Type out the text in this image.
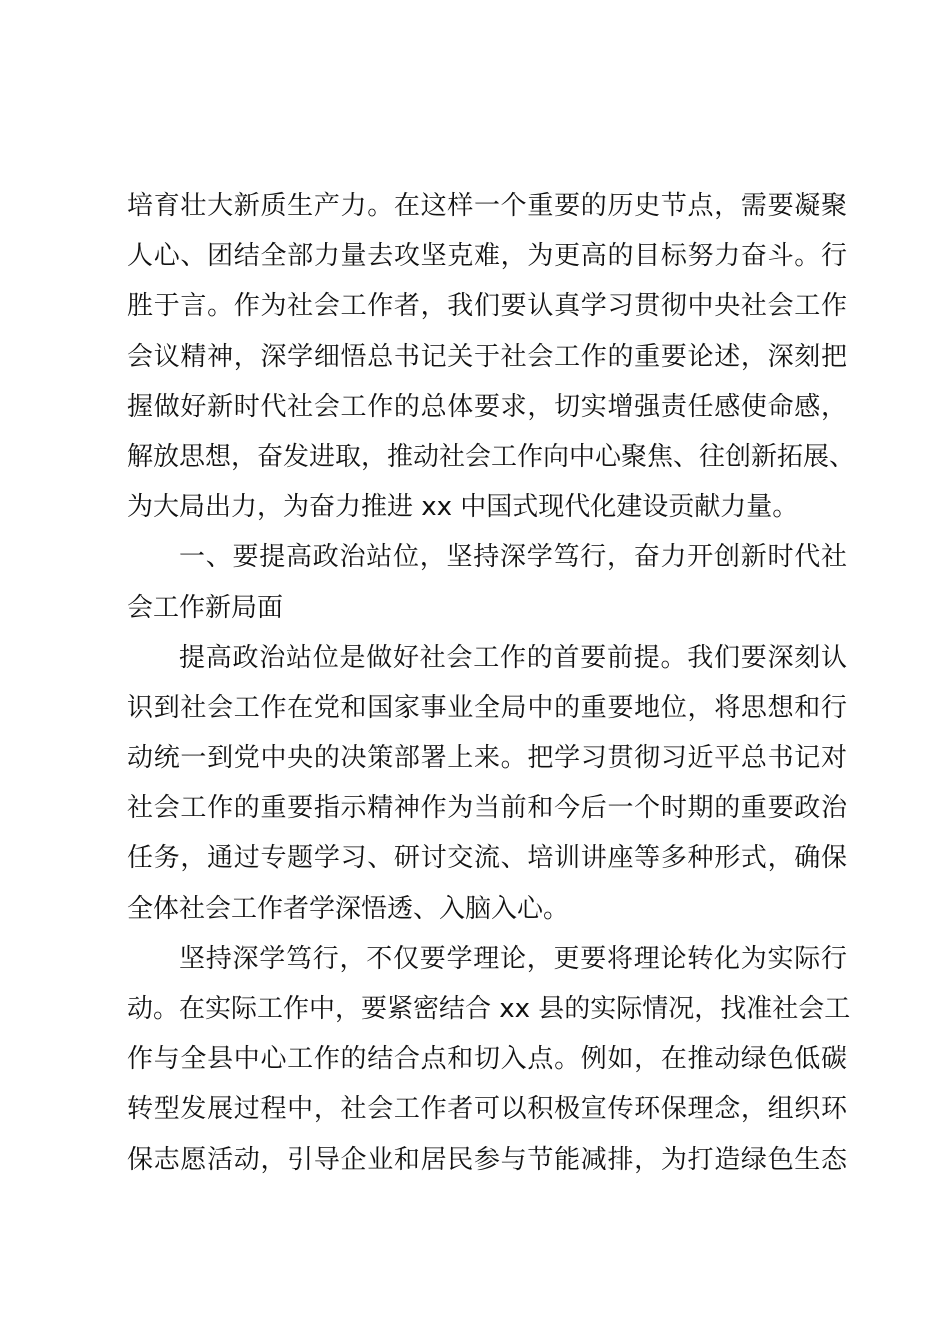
培育壮大新质生产力。在这样一个重要的历史节点，需要凝聚
人心、团结全部力量去攻坚克难，为更高的目标努力奋斗。行
胜于言。作为社会工作者，我们要认真学习贯彻中央社会工作
会议精神，深学细悟总书记关于社会工作的重要论述，深刻把
握做好新时代社会工作的总体要求，切实增强责任感使命感，
解放思想，奋发进取，推动社会工作向中心聚焦、往创新拓展、
为大局出力，为奋力推进 xx 中国式现代化建设贡献力量。
一、要提高政治站位，坚持深学笃行，奋力开创新时代社
会工作新局面
提高政治站位是做好社会工作的首要前提。我们要深刻认
识到社会工作在党和国家事业全局中的重要地位，将思想和行
动统一到党中央的决策部署上来。把学习贯彻习近平总书记对
社会工作的重要指示精神作为当前和今后一个时期的重要政治
任务，通过专题学习、研讨交流、培训讲座等多种形式，确保
全体社会工作者学深悟透、入脑入心。
坚持深学笃行，不仅要学理论，更要将理论转化为实际行
动。在实际工作中，要紧密结合 xx 县的实际情况，找准社会工
作与全县中心工作的结合点和切入点。例如，在推动绿色低碳
转型发展过程中，社会工作者可以积极宣传环保理念，组织环
保志愿活动，引导企业和居民参与节能减排，为打造绿色生态
